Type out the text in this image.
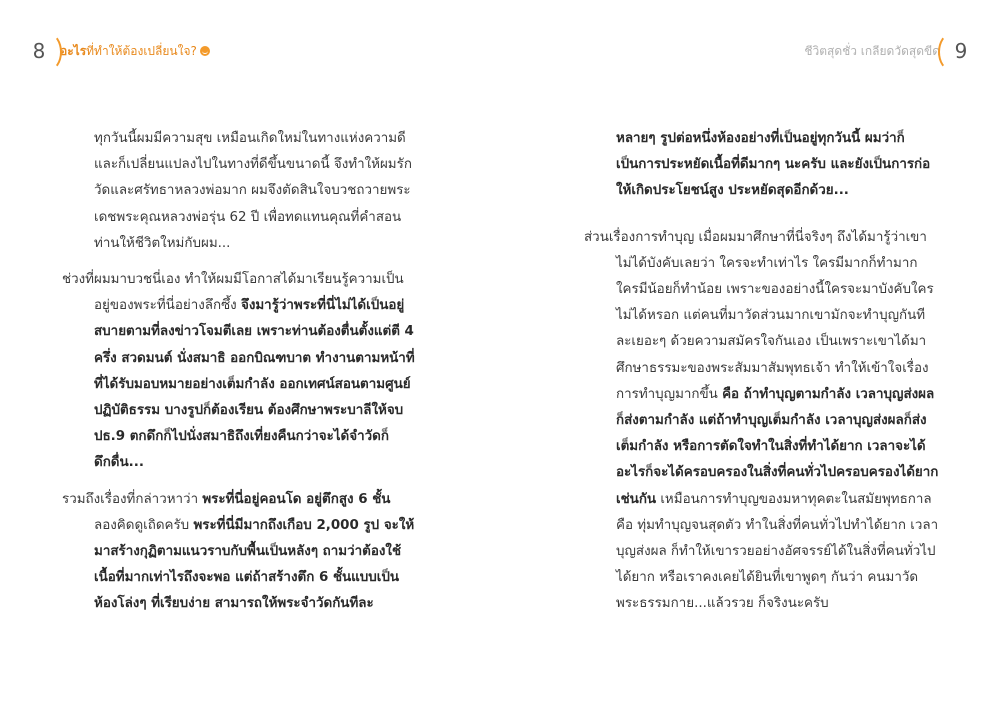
8	อะไรที่ทำให้ต้องเปลี่ยนใจ?

ทุกวันนี้ผมมีความสุข เหมือนเกิดใหม่ในทางแห่งความดี และก็เปลี่ยนแปลงไปในทางที่ดีขึ้นขนาดนี้ จึงทำให้ผมรักวัดและศรัทธาหลวงพ่อมาก ผมจึงตัดสินใจบวชถวายพระเดชพระคุณหลวงพ่อรุ่น 62 ปี เพื่อทดแทนคุณที่คำสอนท่านให้ชีวิตใหม่กับผม...

ช่วงที่ผมมาบวชนี่เอง ทำให้ผมมีโอกาสได้มาเรียนรู้ความเป็นอยู่ของพระที่นี่อย่างลึกซึ้ง จึงมารู้ว่าพระที่นี่ไม่ได้เป็นอยู่สบายตามที่ลงข่าวโจมตีเลย เพราะท่านต้องตื่นตั้งแต่ตี 4 ครึ่ง สวดมนต์ นั่งสมาธิ ออกบิณฑบาต ทำงานตามหน้าที่ที่ได้รับมอบหมายอย่างเต็มกำลัง ออกเทศน์สอนตามศูนย์ปฏิบัติธรรม บางรูปก็ต้องเรียน ต้องศึกษาพระบาลีให้จบ ปธ.9 ตกดึกก็ไปนั่งสมาธิถึงเที่ยงคืนกว่าจะได้จำวัดก็ดึกดื่น...

รวมถึงเรื่องที่กล่าวหาว่า พระที่นี่อยู่คอนโด อยู่ตึกสูง 6 ชั้น ลองคิดดูเถิดครับ พระที่นี่มีมากถึงเกือบ 2,000 รูป จะให้มาสร้างกุฏิตามแนวราบกับพื้นเป็นหลังๆ ถามว่าต้องใช้เนื้อที่มากเท่าไรถึงจะพอ แต่ถ้าสร้างตึก 6 ชั้นแบบเป็นห้องโล่งๆ ที่เรียบง่าย สามารถให้พระจำวัดกันทีละ

ชีวิตสุดชั่ว เกลียดวัดสุดขีด 9

หลายๆ รูปต่อหนึ่งห้องอย่างที่เป็นอยู่ทุกวันนี้ ผมว่าก็เป็นการประหยัดเนื้อที่ดีมากๆ นะครับ และยังเป็นการก่อให้เกิดประโยชน์สูง ประหยัดสุดอีกด้วย...

ส่วนเรื่องการทำบุญ เมื่อผมมาศึกษาที่นี่จริงๆ ถึงได้มารู้ว่าเขาไม่ได้บังคับเลยว่า ใครจะทำเท่าไร ใครมีมากก็ทำมาก ใครมีน้อยก็ทำน้อย เพราะของอย่างนี้ใครจะมาบังคับใครไม่ได้หรอก แต่คนที่มาวัดส่วนมากเขามักจะทำบุญกันทีละเยอะๆ ด้วยความสมัครใจกันเอง เป็นเพราะเขาได้มาศึกษาธรรมะของพระสัมมาสัมพุทธเจ้า ทำให้เข้าใจเรื่องการทำบุญมากขึ้น คือ ถ้าทำบุญตามกำลัง เวลาบุญส่งผลก็ส่งตามกำลัง แต่ถ้าทำบุญเต็มกำลัง เวลาบุญส่งผลก็ส่งเต็มกำลัง หรือการตัดใจทำในสิ่งที่ทำได้ยาก เวลาจะได้อะไรก็จะได้ครอบครองในสิ่งที่คนทั่วไปครอบครองได้ยากเช่นกัน เหมือนการทำบุญของมหาทุคตะในสมัยพุทธกาล คือ ทุ่มทำบุญจนสุดตัว ทำในสิ่งที่คนทั่วไปทำได้ยาก เวลาบุญส่งผล ก็ทำให้เขารวยอย่างอัศจรรย์ได้ในสิ่งที่คนทั่วไปได้ยาก หรือเราคงเคยได้ยินที่เขาพูดๆ กันว่า คนมาวัดพระธรรมกาย...แล้วรวย ก็จริงนะครับ
